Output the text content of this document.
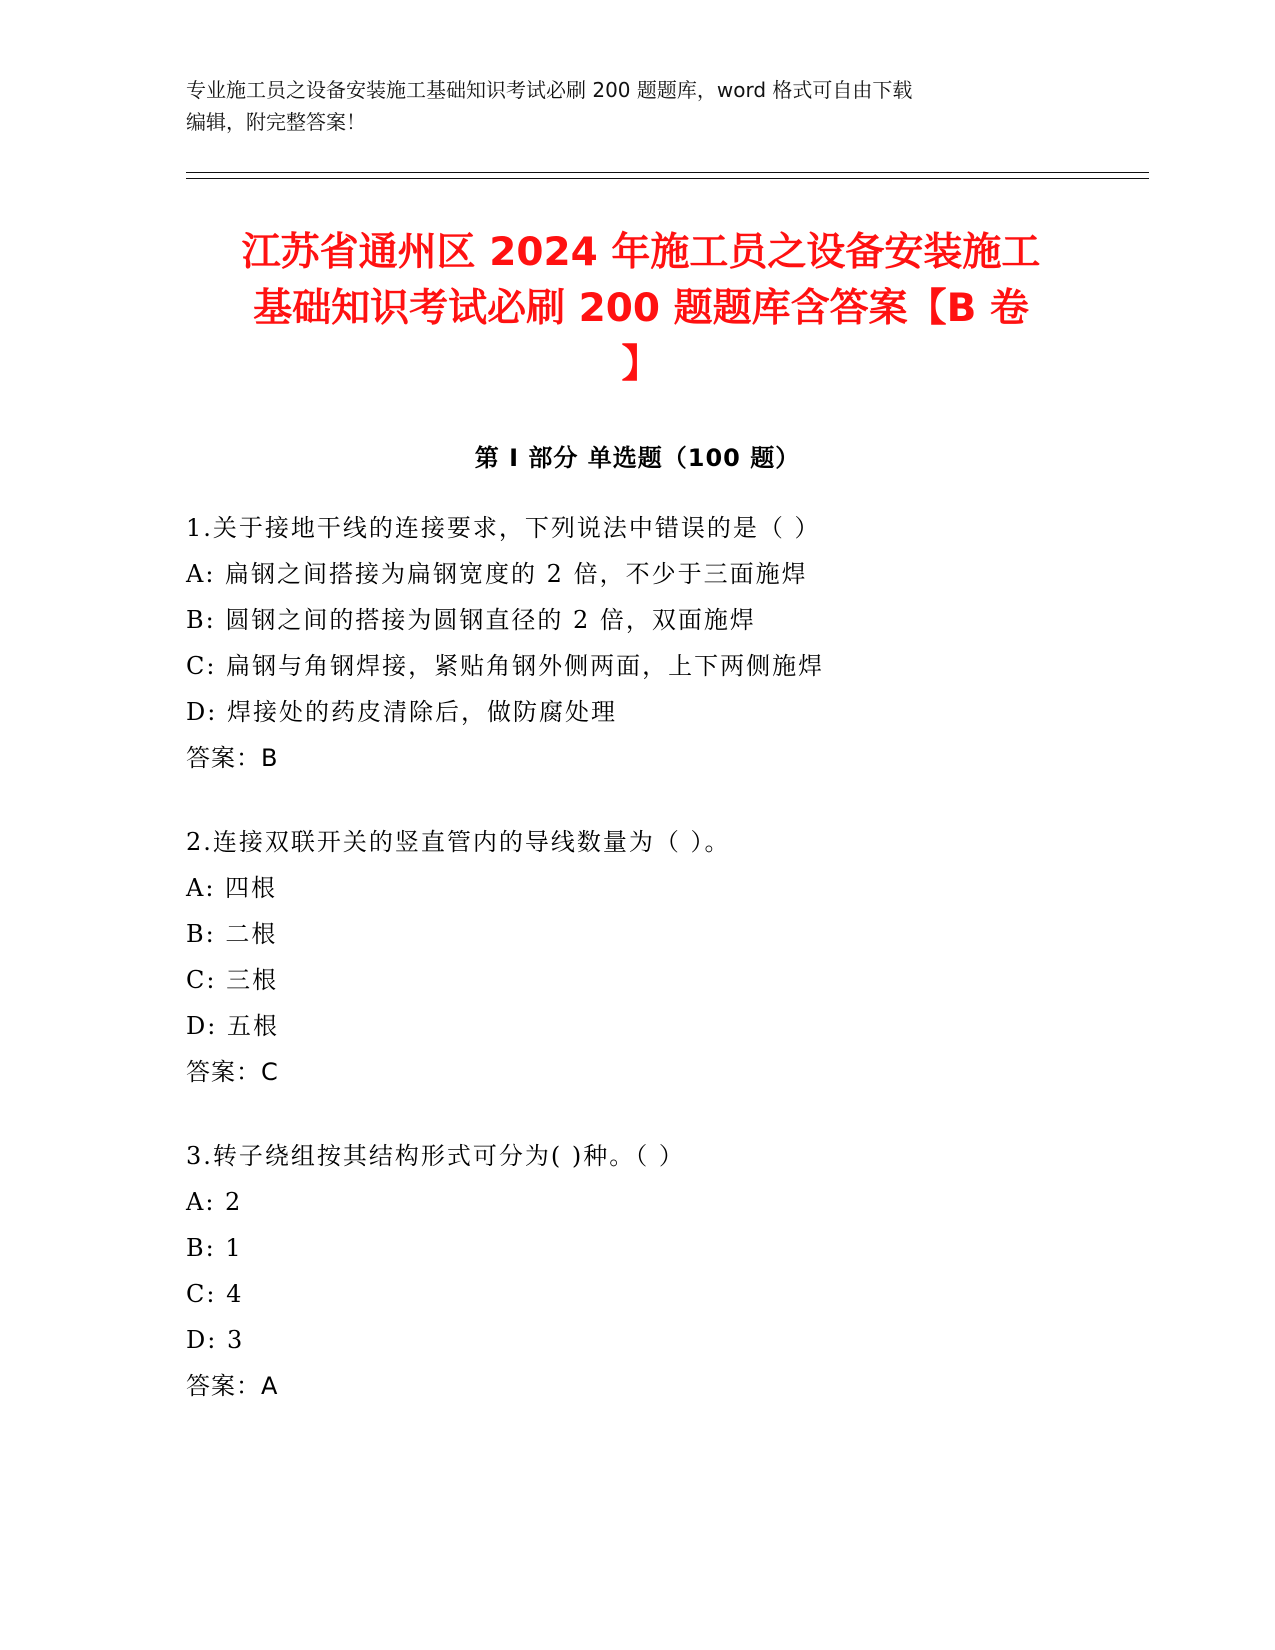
专业施工员之设备安装施工基础知识考试必刷 200 题题库，word 格式可自由下载
编辑，附完整答案！
江苏省通州区 2024 年施工员之设备安装施工
基础知识考试必刷 200 题题库含答案【B 卷
】
第 I 部分 单选题（100 题）
1.关于接地干线的连接要求，下列说法中错误的是（ ）
A: 扁钢之间搭接为扁钢宽度的 2 倍，不少于三面施焊
B: 圆钢之间的搭接为圆钢直径的 2 倍，双面施焊
C: 扁钢与角钢焊接，紧贴角钢外侧两面，上下两侧施焊
D: 焊接处的药皮清除后，做防腐处理
答案：B
2.连接双联开关的竖直管内的导线数量为（ ）。
A: 四根
B: 二根
C: 三根
D: 五根
答案：C
3.转子绕组按其结构形式可分为( )种。（ ）
A: 2
B: 1
C: 4
D: 3
答案：A
